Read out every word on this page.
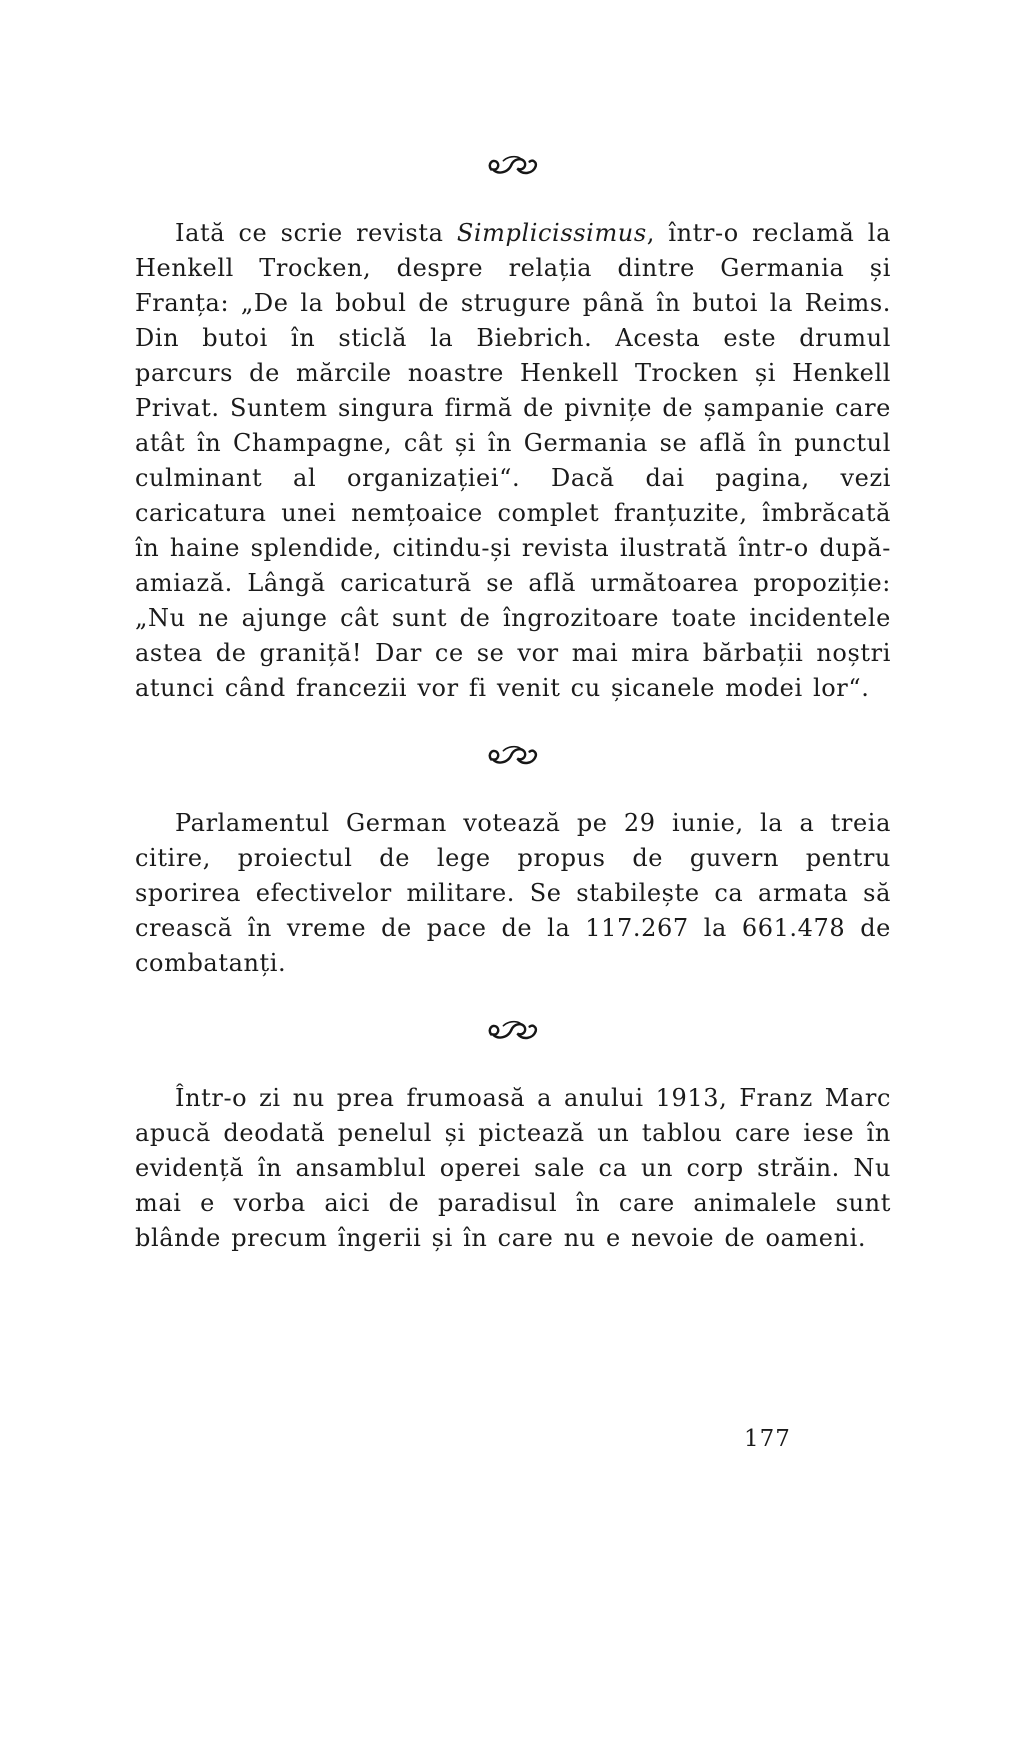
Iată ce scrie revista Simplicissimus, într-o reclamă la Henkell Trocken, despre relația dintre Germania și Franța: „De la bobul de strugure până în butoi la Reims. Din butoi în sticlă la Biebrich. Acesta este drumul parcurs de mărcile noastre Henkell Trocken și Henkell Privat. Suntem singura firmă de pivnițe de șampanie care atât în Champagne, cât și în Germania se află în punctul culminant al organizației“. Dacă dai pagina, vezi caricatura unei nemțoaice complet franțuzite, îmbrăcată în haine splendide, citindu-și revista ilustrată într-o după-amiază. Lângă caricatură se află următoarea propoziție: „Nu ne ajunge cât sunt de îngrozitoare toate incidentele astea de graniță! Dar ce se vor mai mira bărbații noștri atunci când francezii vor fi venit cu șicanele modei lor“.

Parlamentul German votează pe 29 iunie, la a treia citire, proiectul de lege propus de guvern pentru sporirea efectivelor militare. Se stabilește ca armata să crească în vreme de pace de la 117.267 la 661.478 de combatanți.

Într-o zi nu prea frumoasă a anului 1913, Franz Marc apucă deodată penelul și pictează un tablou care iese în evidență în ansamblul operei sale ca un corp străin. Nu mai e vorba aici de paradisul în care animalele sunt blânde precum îngerii și în care nu e nevoie de oameni.

177
